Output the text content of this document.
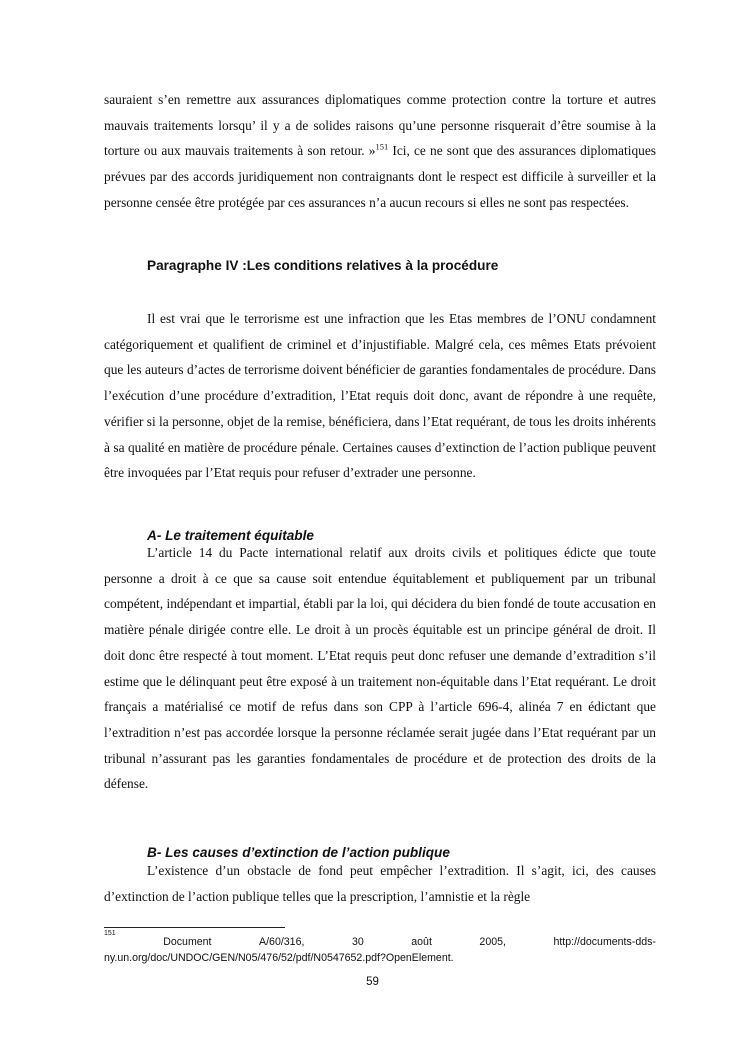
sauraient s’en remettre aux assurances diplomatiques comme protection contre la torture et autres mauvais traitements lorsqu’ il y a de solides raisons qu’une personne risquerait d’être soumise à la torture ou aux mauvais traitements à son retour. »$^{151}$ Ici, ce ne sont que des assurances diplomatiques prévues par des accords juridiquement non contraignants dont le respect est difficile à surveiller et la personne censée être protégée par ces assurances n’a aucun recours si elles ne sont pas respectées.

Paragraphe IV :Les conditions relatives à la procédure

Il est vrai que le terrorisme est une infraction que les Etas membres de l’ONU condamnent catégoriquement et qualifient de criminel et d’injustifiable. Malgré cela, ces mêmes Etats prévoient que les auteurs d’actes de terrorisme doivent bénéficier de garanties fondamentales de procédure. Dans l’exécution d’une procédure d’extradition, l’Etat requis doit donc, avant de répondre à une requête, vérifier si la personne, objet de la remise, bénéficiera, dans l’Etat requérant, de tous les droits inhérents à sa qualité en matière de procédure pénale. Certaines causes d’extinction de l’action publique peuvent être invoquées par l’Etat requis pour refuser d’extrader une personne.

A- Le traitement équitable

L’article 14 du Pacte international relatif aux droits civils et politiques édicte que toute personne a droit à ce que sa cause soit entendue équitablement et publiquement par un tribunal compétent, indépendant et impartial, établi par la loi, qui décidera du bien fondé de toute accusation en matière pénale dirigée contre elle. Le droit à un procès équitable est un principe général de droit. Il doit donc être respecté à tout moment. L’Etat requis peut donc refuser une demande d’extradition s’il estime que le délinquant peut être exposé à un traitement non-équitable dans l’Etat requérant. Le droit français a matérialisé ce motif de refus dans son CPP à l’article 696-4, alinéa 7 en édictant que l’extradition n’est pas accordée lorsque la personne réclamée serait jugée dans l’Etat requérant par un tribunal n’assurant pas les garanties fondamentales de procédure et de protection des droits de la défense.

B- Les causes d’extinction de l’action publique

L’existence d’un obstacle de fond peut empêcher l’extradition. Il s’agit, ici, des causes d’extinction de l’action publique telles que la prescription, l’amnistie et la règle

151
Document	A/60/316,	30	août	2005,	http://documents-dds-
ny.un.org/doc/UNDOC/GEN/N05/476/52/pdf/N0547652.pdf?OpenElement.
59
